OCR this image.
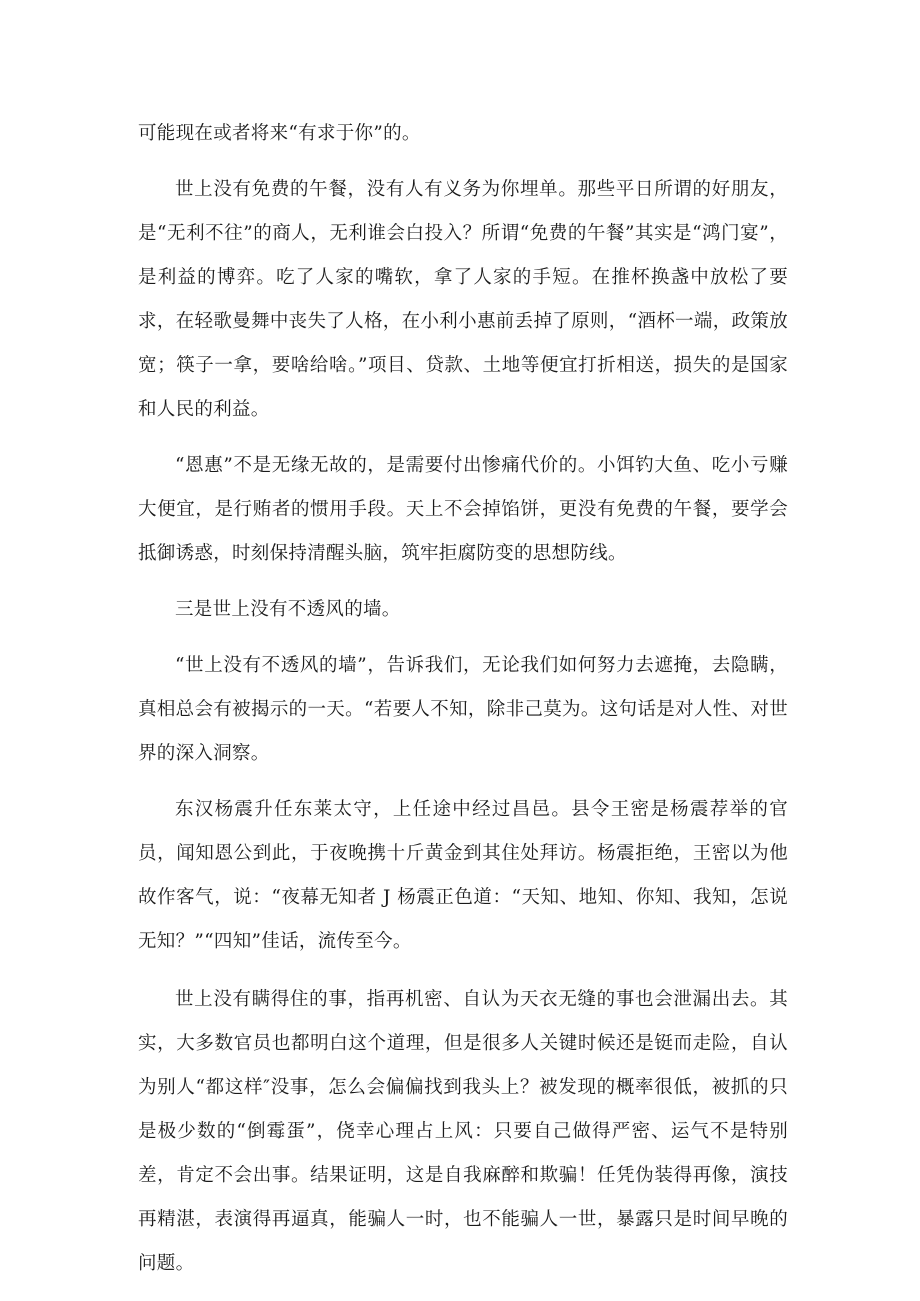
可能现在或者将来“有求于你”的。

世上没有免费的午餐，没有人有义务为你埋单。那些平日所谓的好朋友，是“无利不往”的商人，无利谁会白投入？所谓“免费的午餐”其实是“鸿门宴”，是利益的博弈。吃了人家的嘴软，拿了人家的手短。在推杯换盏中放松了要求，在轻歌曼舞中丧失了人格，在小利小惠前丢掉了原则，“酒杯一端，政策放宽；筷子一拿，要啥给啥。”项目、贷款、土地等便宜打折相送，损失的是国家和人民的利益。

“恩惠”不是无缘无故的，是需要付出惨痛代价的。小饵钓大鱼、吃小亏赚大便宜，是行贿者的惯用手段。天上不会掉馅饼，更没有免费的午餐，要学会抵御诱惑，时刻保持清醒头脑，筑牢拒腐防变的思想防线。

三是世上没有不透风的墙。

“世上没有不透风的墙”，告诉我们，无论我们如何努力去遮掩，去隐瞒，真相总会有被揭示的一天。“若要人不知，除非己莫为。这句话是对人性、对世界的深入洞察。

东汉杨震升任东莱太守，上任途中经过昌邑。县令王密是杨震荐举的官员，闻知恩公到此，于夜晚携十斤黄金到其住处拜访。杨震拒绝，王密以为他故作客气，说：“夜幕无知者 J 杨震正色道：“天知、地知、你知、我知，怎说无知？”“四知”佳话，流传至今。

世上没有瞒得住的事，指再机密、自认为天衣无缝的事也会泄漏出去。其实，大多数官员也都明白这个道理，但是很多人关键时候还是铤而走险，自认为别人“都这样″没事，怎么会偏偏找到我头上？被发现的概率很低，被抓的只是极少数的“倒霉蛋”，侥幸心理占上风：只要自己做得严密、运气不是特别差，肯定不会出事。结果证明，这是自我麻醉和欺骗！任凭伪装得再像，演技再精湛，表演得再逼真，能骗人一时，也不能骗人一世，暴露只是时间早晚的问题。
